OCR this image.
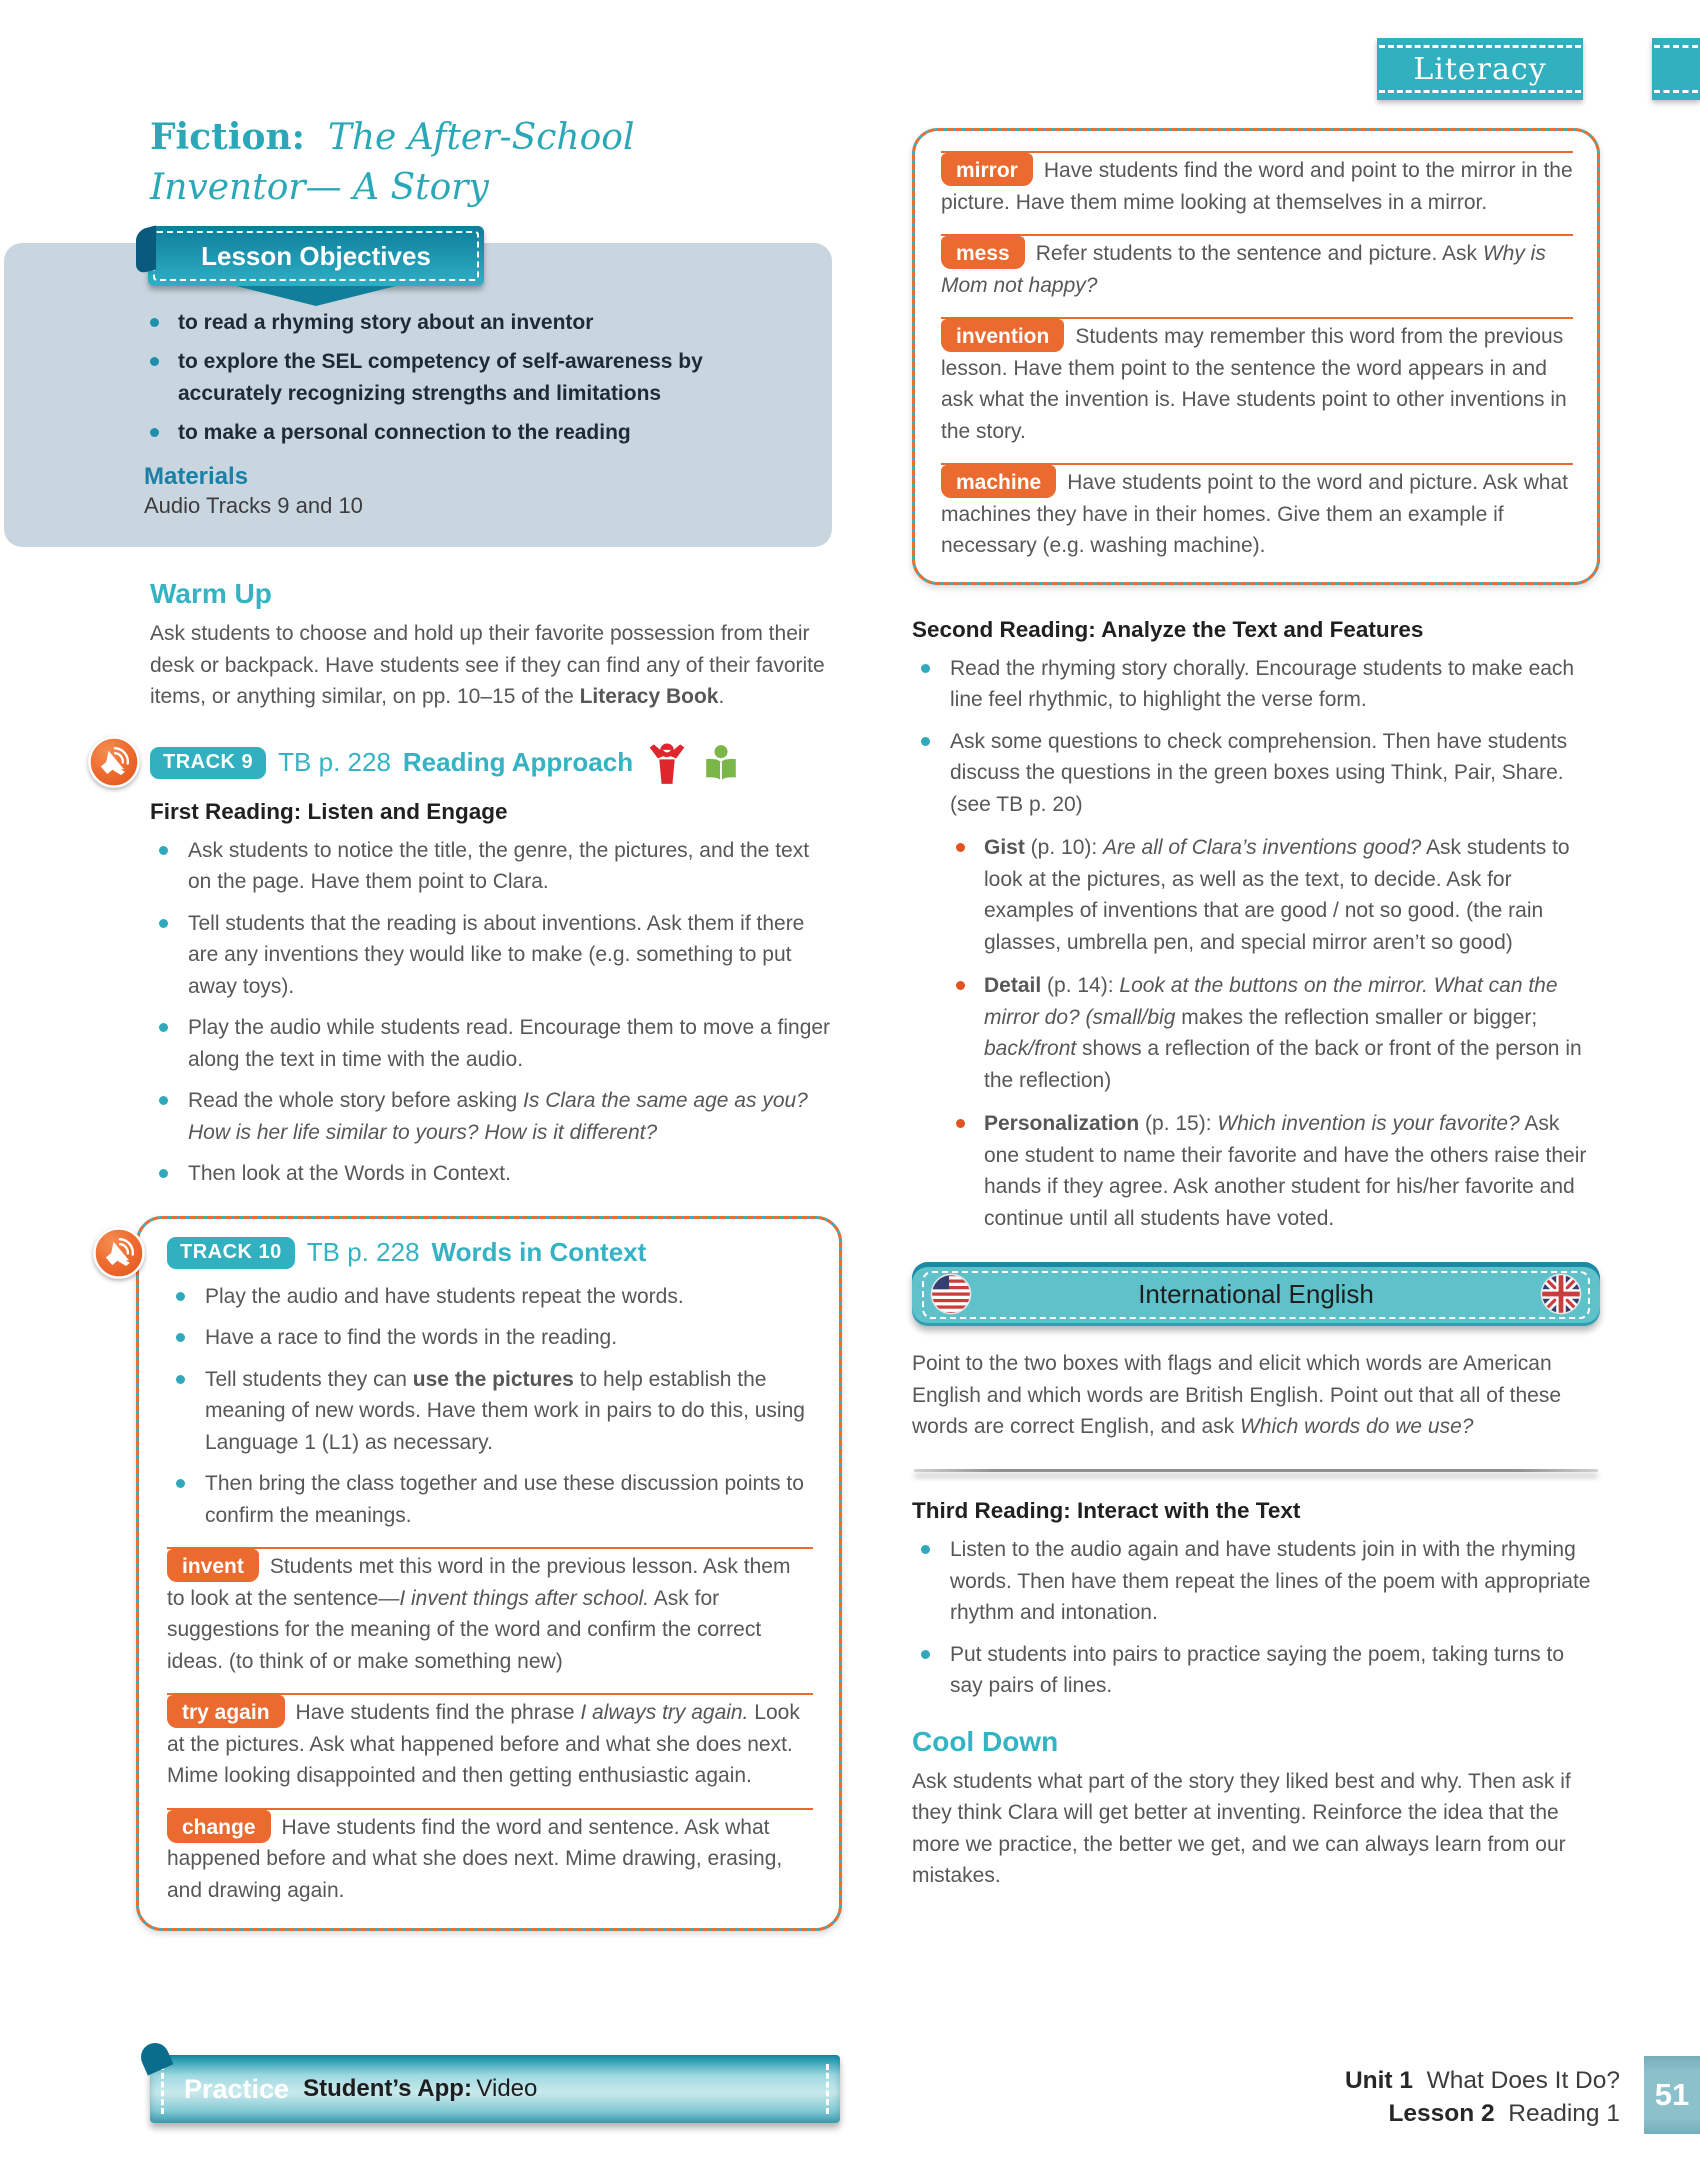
Literacy
Fiction: The After-School
Inventor— A Story
Lesson Objectives
to read a rhyming story about an inventor
to explore the SEL competency of self-awareness by accurately recognizing strengths and limitations
to make a personal connection to the reading
Materials
Audio Tracks 9 and 10
Warm Up

Ask students to choose and hold up their favorite possession from their desk or backpack. Have students see if they can find any of their favorite items, or anything similar, on pp. 10–15 of the Literacy Book.

TRACK 9 TB p. 228 Reading Approach
First Reading: Listen and Engage
Ask students to notice the title, the genre, the pictures, and the text on the page. Have them point to Clara.
Tell students that the reading is about inventions. Ask them if there are any inventions they would like to make (e.g. something to put away toys).
Play the audio while students read. Encourage them to move a finger along the text in time with the audio.
Read the whole story before asking Is Clara the same age as you? How is her life similar to yours? How is it different?
Then look at the Words in Context.
TRACK 10 TB p. 228 Words in Context
Play the audio and have students repeat the words.
Have a race to find the words in the reading.
Tell students they can use the pictures to help establish the meaning of new words. Have them work in pairs to do this, using Language 1 (L1) as necessary.
Then bring the class together and use these discussion points to confirm the meanings.
invent Students met this word in the previous lesson. Ask them to look at the sentence—I invent things after school. Ask for suggestions for the meaning of the word and confirm the correct ideas. (to think of or make something new)
try again Have students find the phrase I always try again. Look at the pictures. Ask what happened before and what she does next. Mime looking disappointed and then getting enthusiastic again.
change Have students find the word and sentence. Ask what happened before and what she does next. Mime drawing, erasing, and drawing again.
mirror Have students find the word and point to the mirror in the picture. Have them mime looking at themselves in a mirror.
mess Refer students to the sentence and picture. Ask Why is Mom not happy?
invention Students may remember this word from the previous lesson. Have them point to the sentence the word appears in and ask what the invention is. Have students point to other inventions in the story.
machine Have students point to the word and picture. Ask what machines they have in their homes. Give them an example if necessary (e.g. washing machine).
Second Reading: Analyze the Text and Features
Read the rhyming story chorally. Encourage students to make each line feel rhythmic, to highlight the verse form.
Ask some questions to check comprehension. Then have students discuss the questions in the green boxes using Think, Pair, Share. (see TB p. 20)
Gist (p. 10): Are all of Clara’s inventions good? Ask students to look at the pictures, as well as the text, to decide. Ask for examples of inventions that are good / not so good. (the rain glasses, umbrella pen, and special mirror aren’t so good)
Detail (p. 14): Look at the buttons on the mirror. What can the mirror do? (small/big makes the reflection smaller or bigger; back/front shows a reflection of the back or front of the person in the reflection)
Personalization (p. 15): Which invention is your favorite? Ask one student to name their favorite and have the others raise their hands if they agree. Ask another student for his/her favorite and continue until all students have voted.
International English

Point to the two boxes with flags and elicit which words are American English and which words are British English. Point out that all of these words are correct English, and ask Which words do we use?

Third Reading: Interact with the Text
Listen to the audio again and have students join in with the rhyming words. Then have them repeat the lines of the poem with appropriate rhythm and intonation.
Put students into pairs to practice saying the poem, taking turns to say pairs of lines.
Cool Down

Ask students what part of the story they liked best and why. Then ask if they think Clara will get better at inventing. Reinforce the idea that the more we practice, the better we get, and we can always learn from our mistakes.

Practice Student’s App: Video	Unit 1 What Does It Do?
Lesson 2 Reading 1
51
